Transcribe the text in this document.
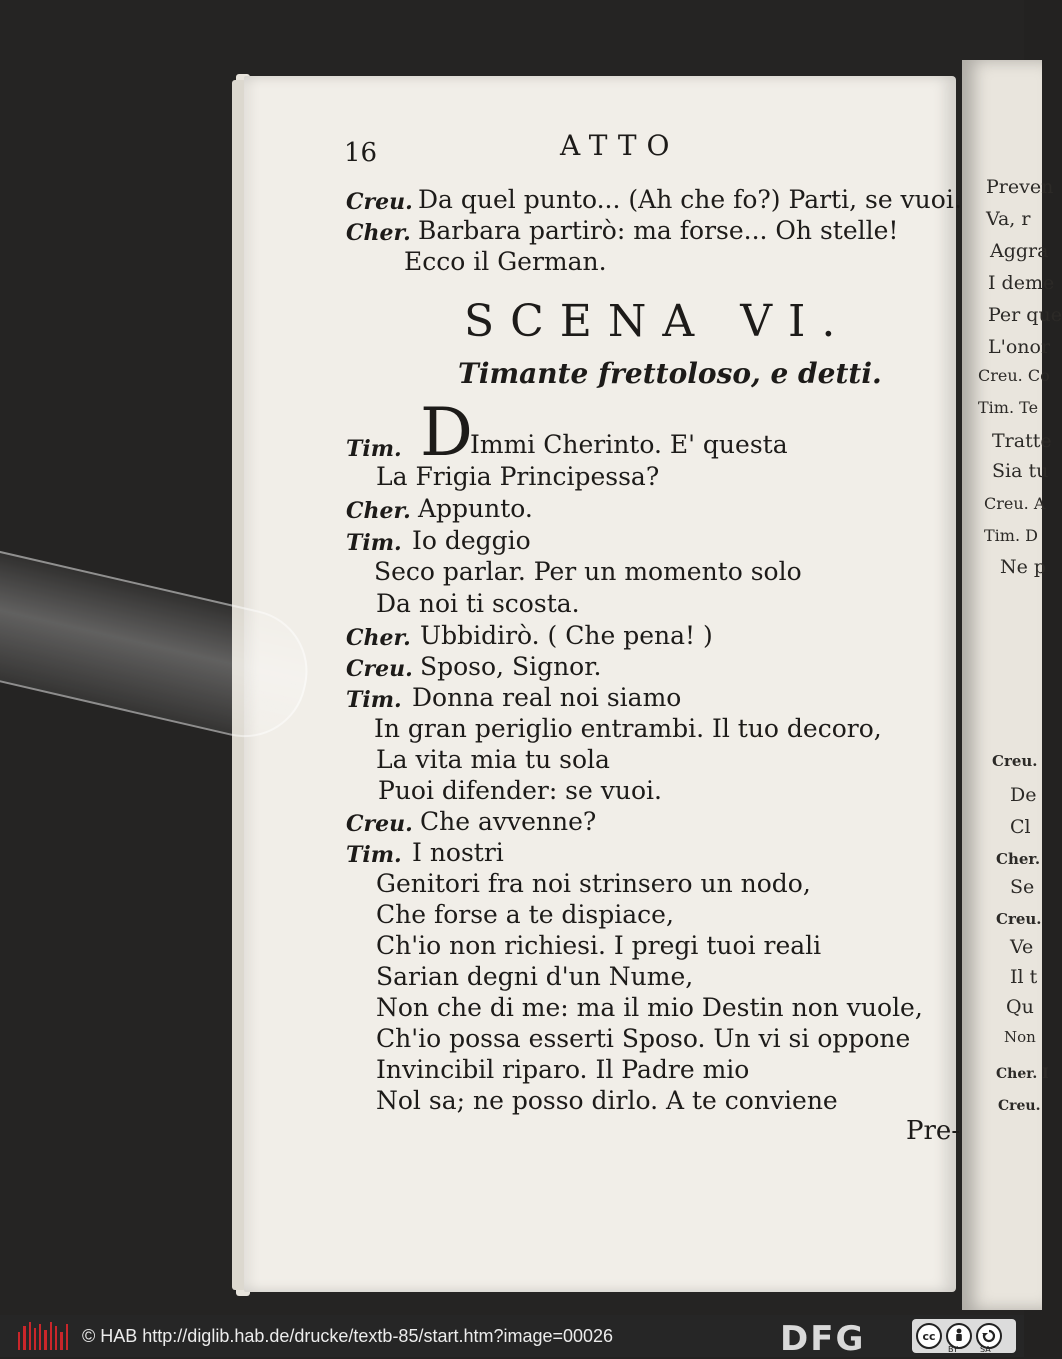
16	ATTO
Creu. Da quel punto... (Ah che fo?) Parti, se vuoi.
Cher. Barbara partirò: ma forse... Oh stelle!
Ecco il German.
SCENA VI.
Timante frettoloso, e detti.
Tim. D
Immi Cherinto. E' questa
La Frigia Principessa?
Cher. Appunto.
Tim. Io deggio
Seco parlar. Per un momento solo
Da noi ti scosta.
Cher. Ubbidirò. ( Che pena! )
Creu. Sposo, Signor.
Tim. Donna real noi siamo
In gran periglio entrambi. Il tuo decoro,
La vita mia tu sola
Puoi difender: se vuoi.
Creu. Che avvenne?
Tim. I nostri
Genitori fra noi strinsero un nodo,
Che forse a te dispiace,
Ch'io non richiesi. I pregi tuoi reali
Sarian degni d'un Nume,
Non che di me: ma il mio Destin non vuole,
Ch'io possa esserti Sposo. Un vi si oppone
Invincibil riparo. Il Padre mio
Nol sa; ne posso dirlo. A te conviene
Pre-
Preven
Va, r
Aggra
I deme
Per que
L'onor
Creu. Co
Tim. Te
Tratte
Sia tu
Creu. A
Tim. D
Ne p
Creu.
De
Cl
Cher.
Se
Creu.
Ve
Il t
Qu
Non
Cher. I
Creu.
© HAB http://diglib.hab.de/drucke/textb-85/start.htm?image=00026	DFG	cc
BY	SA
